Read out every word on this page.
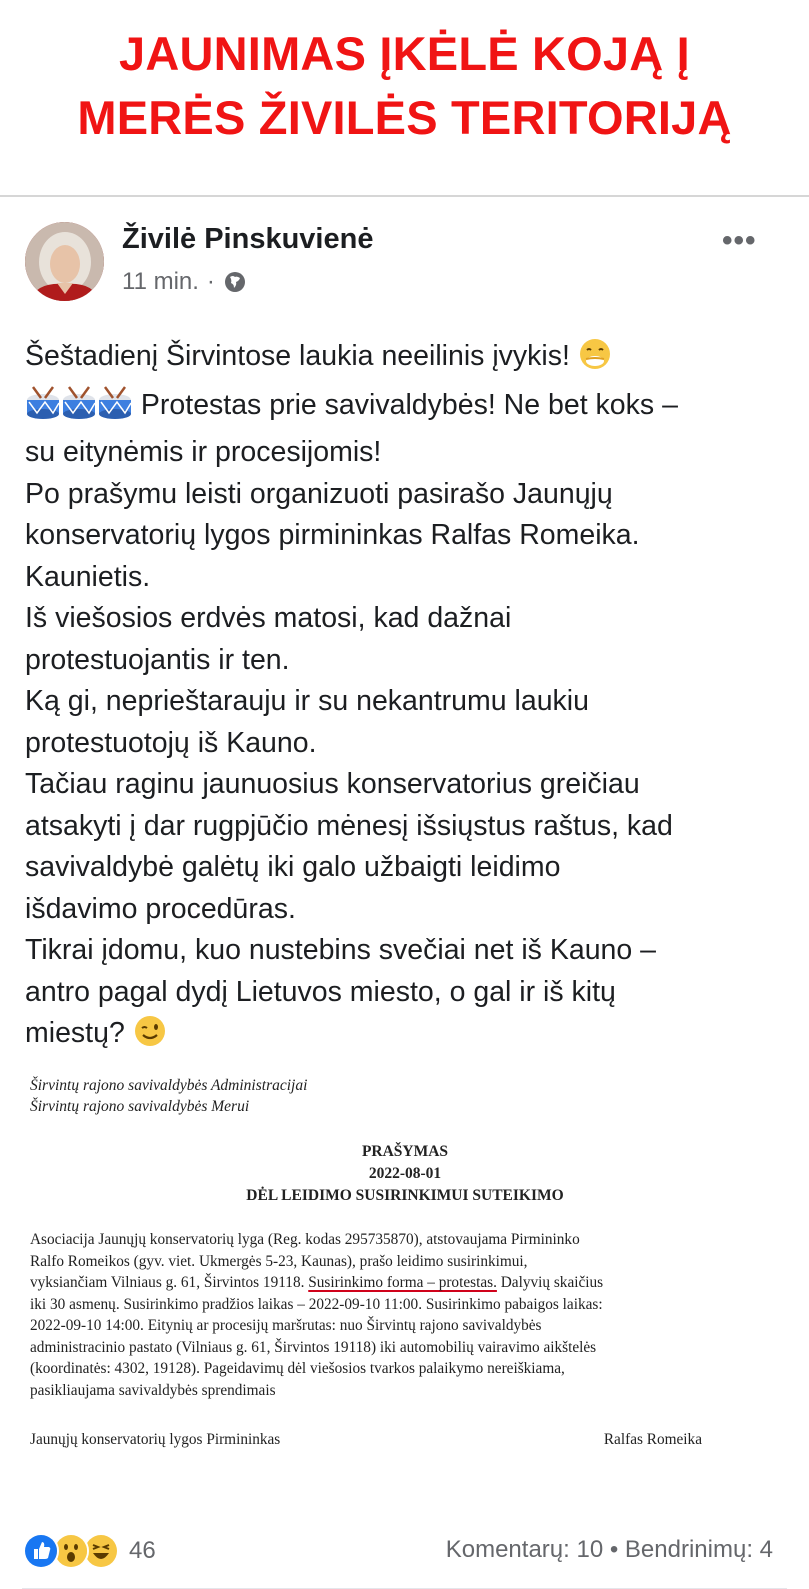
JAUNIMAS ĮKĖLĖ KOJĄ Į
MERĖS ŽIVILĖS TERITORIJĄ
Živilė Pinskuvienė
11 min. ·
•••

Šeštadienį Širvintose laukia neeilinis įvykis!

Protestas prie savivaldybės! Ne bet koks –

su eitynėmis ir procesijomis!

Po prašymu leisti organizuoti pasirašo Jaunųjų

konservatorių lygos pirmininkas Ralfas Romeika.

Kaunietis.

Iš viešosios erdvės matosi, kad dažnai

protestuojantis ir ten.

Ką gi, neprieštarauju ir su nekantrumu laukiu

protestuotojų iš Kauno.

Tačiau raginu jaunuosius konservatorius greičiau

atsakyti į dar rugpjūčio mėnesį išsiųstus raštus, kad

savivaldybė galėtų iki galo užbaigti leidimo

išdavimo procedūras.

Tikrai įdomu, kuo nustebins svečiai net iš Kauno –

antro pagal dydį Lietuvos miesto, o gal ir iš kitų

miestų?

Širvintų rajono savivaldybės Administracijai
Širvintų rajono savivaldybės Merui
PRAŠYMAS
2022-08-01
DĖL LEIDIMO SUSIRINKIMUI SUTEIKIMO
Asociacija Jaunųjų konservatorių lyga (Reg. kodas 295735870), atstovaujama Pirmininko
Ralfo Romeikos (gyv. viet. Ukmergės 5-23, Kaunas), prašo leidimo susirinkimui,
vyksiančiam Vilniaus g. 61, Širvintos 19118. Susirinkimo forma – protestas. Dalyvių skaičius
iki 30 asmenų. Susirinkimo pradžios laikas – 2022-09-10 11:00. Susirinkimo pabaigos laikas:
2022-09-10 14:00. Eitynių ar procesijų maršrutas: nuo Širvintų rajono savivaldybės
administracinio pastato (Vilniaus g. 61, Širvintos 19118) iki automobilių vairavimo aikštelės
(koordinatės: 4302, 19128). Pageidavimų dėl viešosios tvarkos palaikymo nereiškiama,
pasikliaujama savivaldybės sprendimais
Jaunųjų konservatorių lygos Pirmininkas	Ralfas Romeika
46	Komentarų: 10 • Bendrinimų: 4
